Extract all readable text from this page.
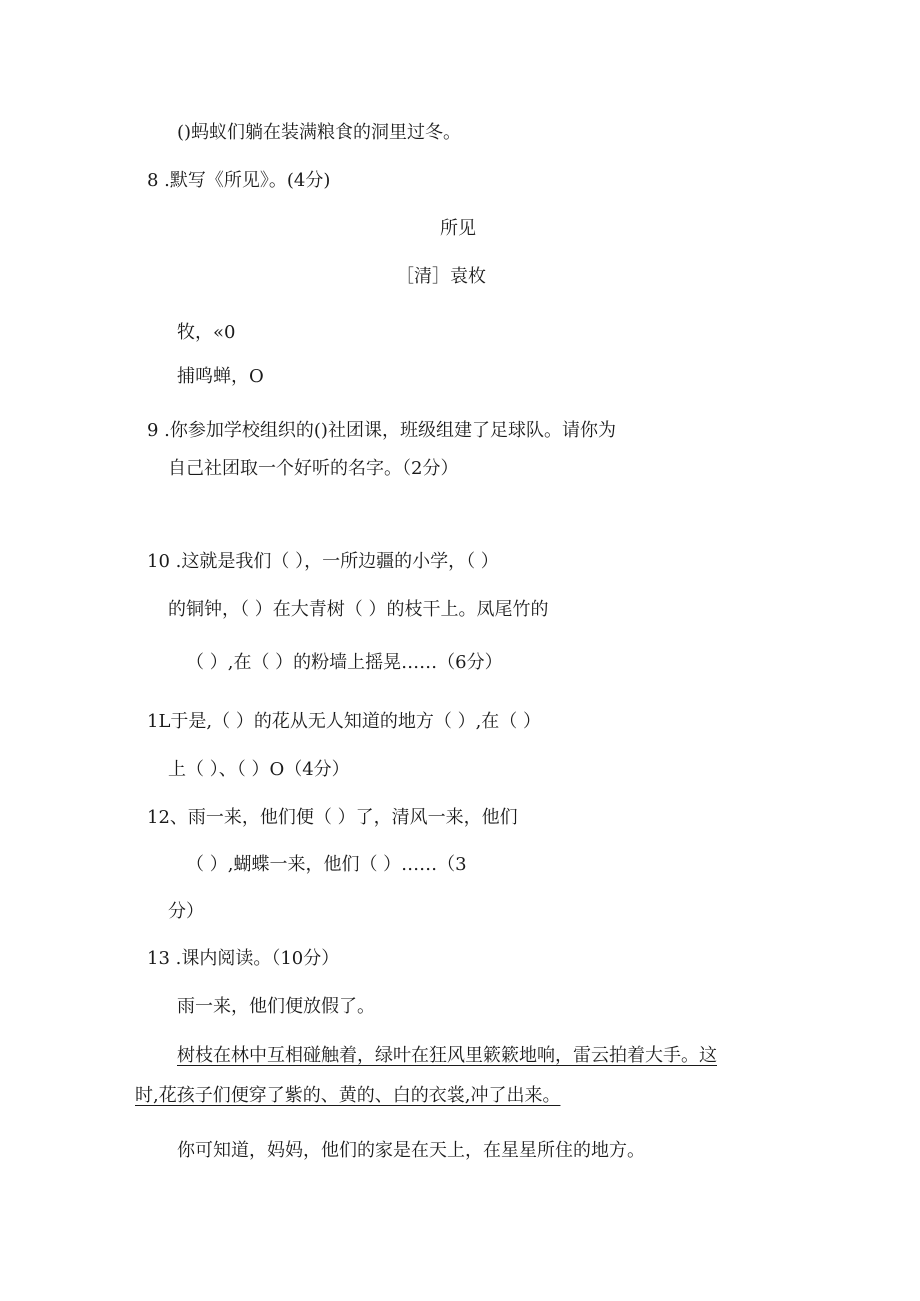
()蚂蚁们躺在装满粮食的洞里过冬。
8 .默写《所见》。(4分)
所见
［清］袁枚
牧，«0
捕鸣蝉，O
9 .你参加学校组织的()社团课，班级组建了足球队。请你为
自己社团取一个好听的名字。（2分）
10 .这就是我们（ ），一所边疆的小学，（ ）
的铜钟，（ ）在大青树（ ）的枝干上。凤尾竹的
（ ）,在（ ）的粉墙上摇晃……（6分）
1L于是,（ ）的花从无人知道的地方（ ）,在（ ）
上（ ）、（ ）O（4分）
12、雨一来，他们便（ ）了，清风一来，他们
（ ）,蝴蝶一来，他们（ ）……（3
分）
13 .课内阅读。（10分）
雨一来，他们便放假了。
树枝在林中互相碰触着，绿叶在狂风里簌簌地响，雷云拍着大手。这
时,花孩子们便穿了紫的、黄的、白的衣裳,冲了出来。
你可知道，妈妈，他们的家是在天上，在星星所住的地方。
